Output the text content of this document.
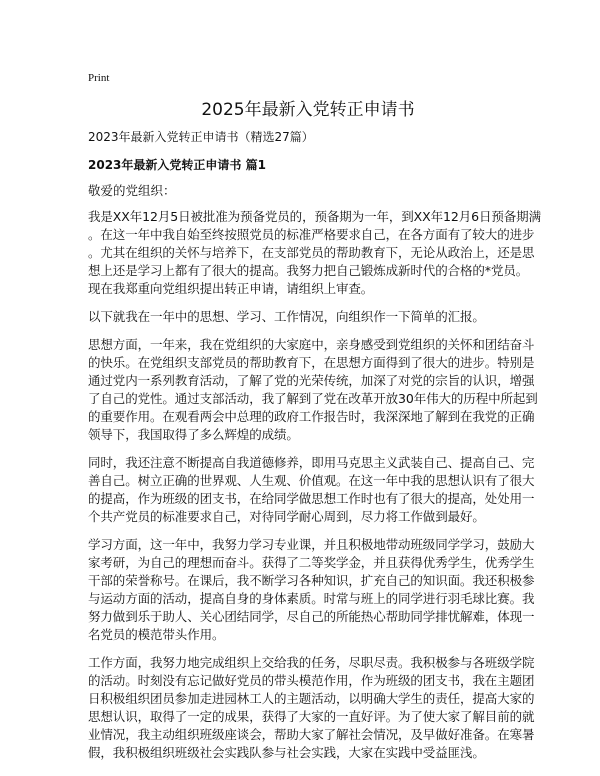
Print
2025年最新入党转正申请书
2023年最新入党转正申请书（精选27篇）
2023年最新入党转正申请书 篇1
敬爱的党组织：
我是XX年12月5日被批准为预备党员的，预备期为一年，到XX年12月6日预备期满
。在这一年中我自始至终按照党员的标准严格要求自己，在各方面有了较大的进步
。尤其在组织的关怀与培养下，在支部党员的帮助教育下，无论从政治上，还是思
想上还是学习上都有了很大的提高。我努力把自己锻炼成新时代的合格的*党员。
现在我郑重向党组织提出转正申请，请组织上审查。
以下就我在一年中的思想、学习、工作情况，向组织作一下简单的汇报。
思想方面，一年来，我在党组织的大家庭中，亲身感受到党组织的关怀和团结奋斗
的快乐。在党组织支部党员的帮助教育下，在思想方面得到了很大的进步。特别是
通过党内一系列教育活动，了解了党的光荣传统，加深了对党的宗旨的认识，增强
了自己的党性。通过支部活动，我了解到了党在改革开放30年伟大的历程中所起到
的重要作用。在观看两会中总理的政府工作报告时，我深深地了解到在我党的正确
领导下，我国取得了多么辉煌的成绩。
同时，我还注意不断提高自我道德修养，即用马克思主义武装自己、提高自己、完
善自己。树立正确的世界观、人生观、价值观。在这一年中我的思想认识有了很大
的提高，作为班级的团支书，在给同学做思想工作时也有了很大的提高，处处用一
个共产党员的标准要求自己，对待同学耐心周到，尽力将工作做到最好。
学习方面，这一年中，我努力学习专业课，并且积极地带动班级同学学习，鼓励大
家考研，为自己的理想而奋斗。获得了二等奖学金，并且获得优秀学生，优秀学生
干部的荣誉称号。在课后，我不断学习各种知识，扩充自己的知识面。我还积极参
与运动方面的活动，提高自身的身体素质。时常与班上的同学进行羽毛球比赛。我
努力做到乐于助人、关心团结同学，尽自己的所能热心帮助同学排忧解难，体现一
名党员的模范带头作用。
工作方面，我努力地完成组织上交给我的任务，尽职尽责。我积极参与各班级学院
的活动。时刻没有忘记做好党员的带头模范作用，作为班级的团支书，我在主题团
日积极组织团员参加走进园林工人的主题活动，以明确大学生的责任，提高大家的
思想认识，取得了一定的成果，获得了大家的一直好评。为了使大家了解目前的就
业情况，我主动组织班级座谈会，帮助大家了解社会情况，及早做好准备。在寒暑
假，我积极组织班级社会实践队参与社会实践，大家在实践中受益匪浅。
